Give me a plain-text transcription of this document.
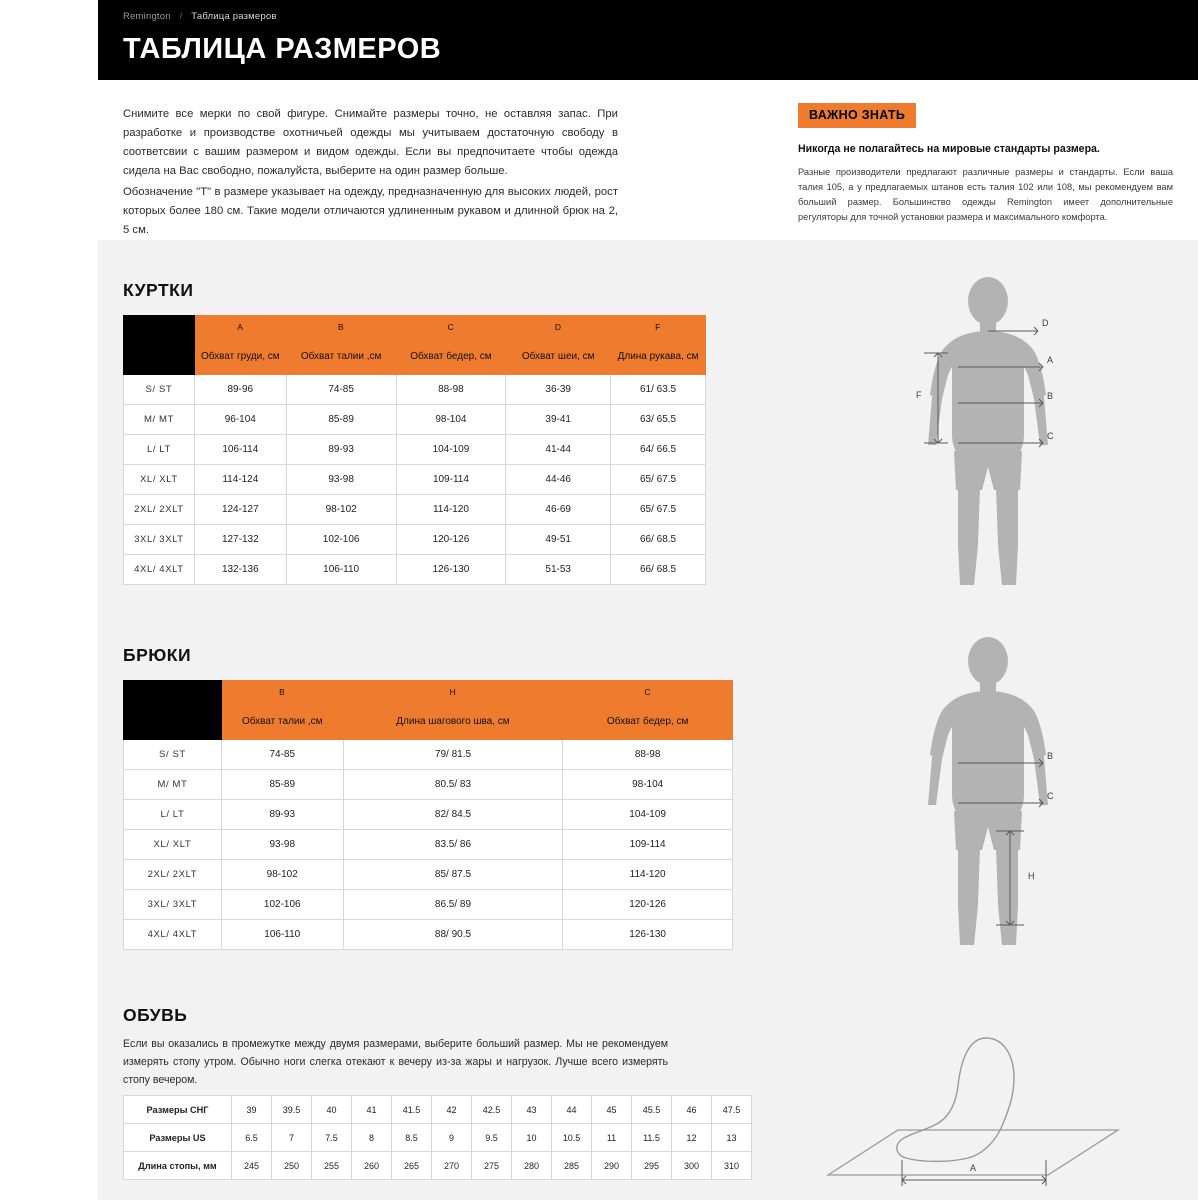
Remington / Таблица размеров
ТАБЛИЦА РАЗМЕРОВ

Снимите все мерки по свой фигуре. Снимайте размеры точно, не оставляя запас. При разработке и производстве охотничьей одежды мы учитываем достаточную свободу в соответсвии с вашим размером и видом одежды. Если вы предпочитаете чтобы одежда сидела на Вас свободно, пожалуйста, выберите на один размер больше.

Обозначение "T" в размере указывает на одежду, предназначенную для высоких людей, рост которых более 180 см. Такие модели отличаются удлиненным рукавом и длинной брюк на 2, 5 см.

ВАЖНО ЗНАТЬ
Никогда не полагайтесь на мировые стандарты размера.
Разные производители предлагают различные размеры и стандарты. Если ваша талия 105, а у предлагаемых штанов есть талия 102 или 108, мы рекомендуем вам больший размер. Большинство одежды Remington имеет дополнительные регуляторы для точной установки размера и максимального комфорта.
КУРТКИ
	A	B	C	D	F
	Обхват груди, см	Обхват талии ,см	Обхват бедер, см	Обхват шеи, см	Длина рукава, см
S/ ST	89-96	74-85	88-98	36-39	61/ 63.5
M/ MT	96-104	85-89	98-104	39-41	63/ 65.5
L/ LT	106-114	89-93	104-109	41-44	64/ 66.5
XL/ XLT	114-124	93-98	109-114	44-46	65/ 67.5
2XL/ 2XLT	124-127	98-102	114-120	46-69	65/ 67.5
3XL/ 3XLT	127-132	102-106	120-126	49-51	66/ 68.5
4XL/ 4XLT	132-136	106-110	126-130	51-53	66/ 68.5
D
A
B
C
F
БРЮКИ
	B	H	C
	Обхват талии ,см	Длина шагового шва, см	Обхват бедер, см
S/ ST	74-85	79/ 81.5	88-98
M/ MT	85-89	80.5/ 83	98-104
L/ LT	89-93	82/ 84.5	104-109
XL/ XLT	93-98	83.5/ 86	109-114
2XL/ 2XLT	98-102	85/ 87.5	114-120
3XL/ 3XLT	102-106	86.5/ 89	120-126
4XL/ 4XLT	106-110	88/ 90.5	126-130
B
C
H
ОБУВЬ
Если вы оказались в промежутке между двумя размерами, выберите больший размер. Мы не рекомендуем измерять стопу утром. Обычно ноги слегка отекают к вечеру из-за жары и нагрузок. Лучше всего измерять стопу вечером.
Размеры СНГ	39	39.5	40	41	41.5	42	42.5	43	44	45	45.5	46	47.5
Размеры US	6.5	7	7.5	8	8.5	9	9.5	10	10.5	11	11.5	12	13
Длина стопы, мм	245	250	255	260	265	270	275	280	285	290	295	300	310	A
